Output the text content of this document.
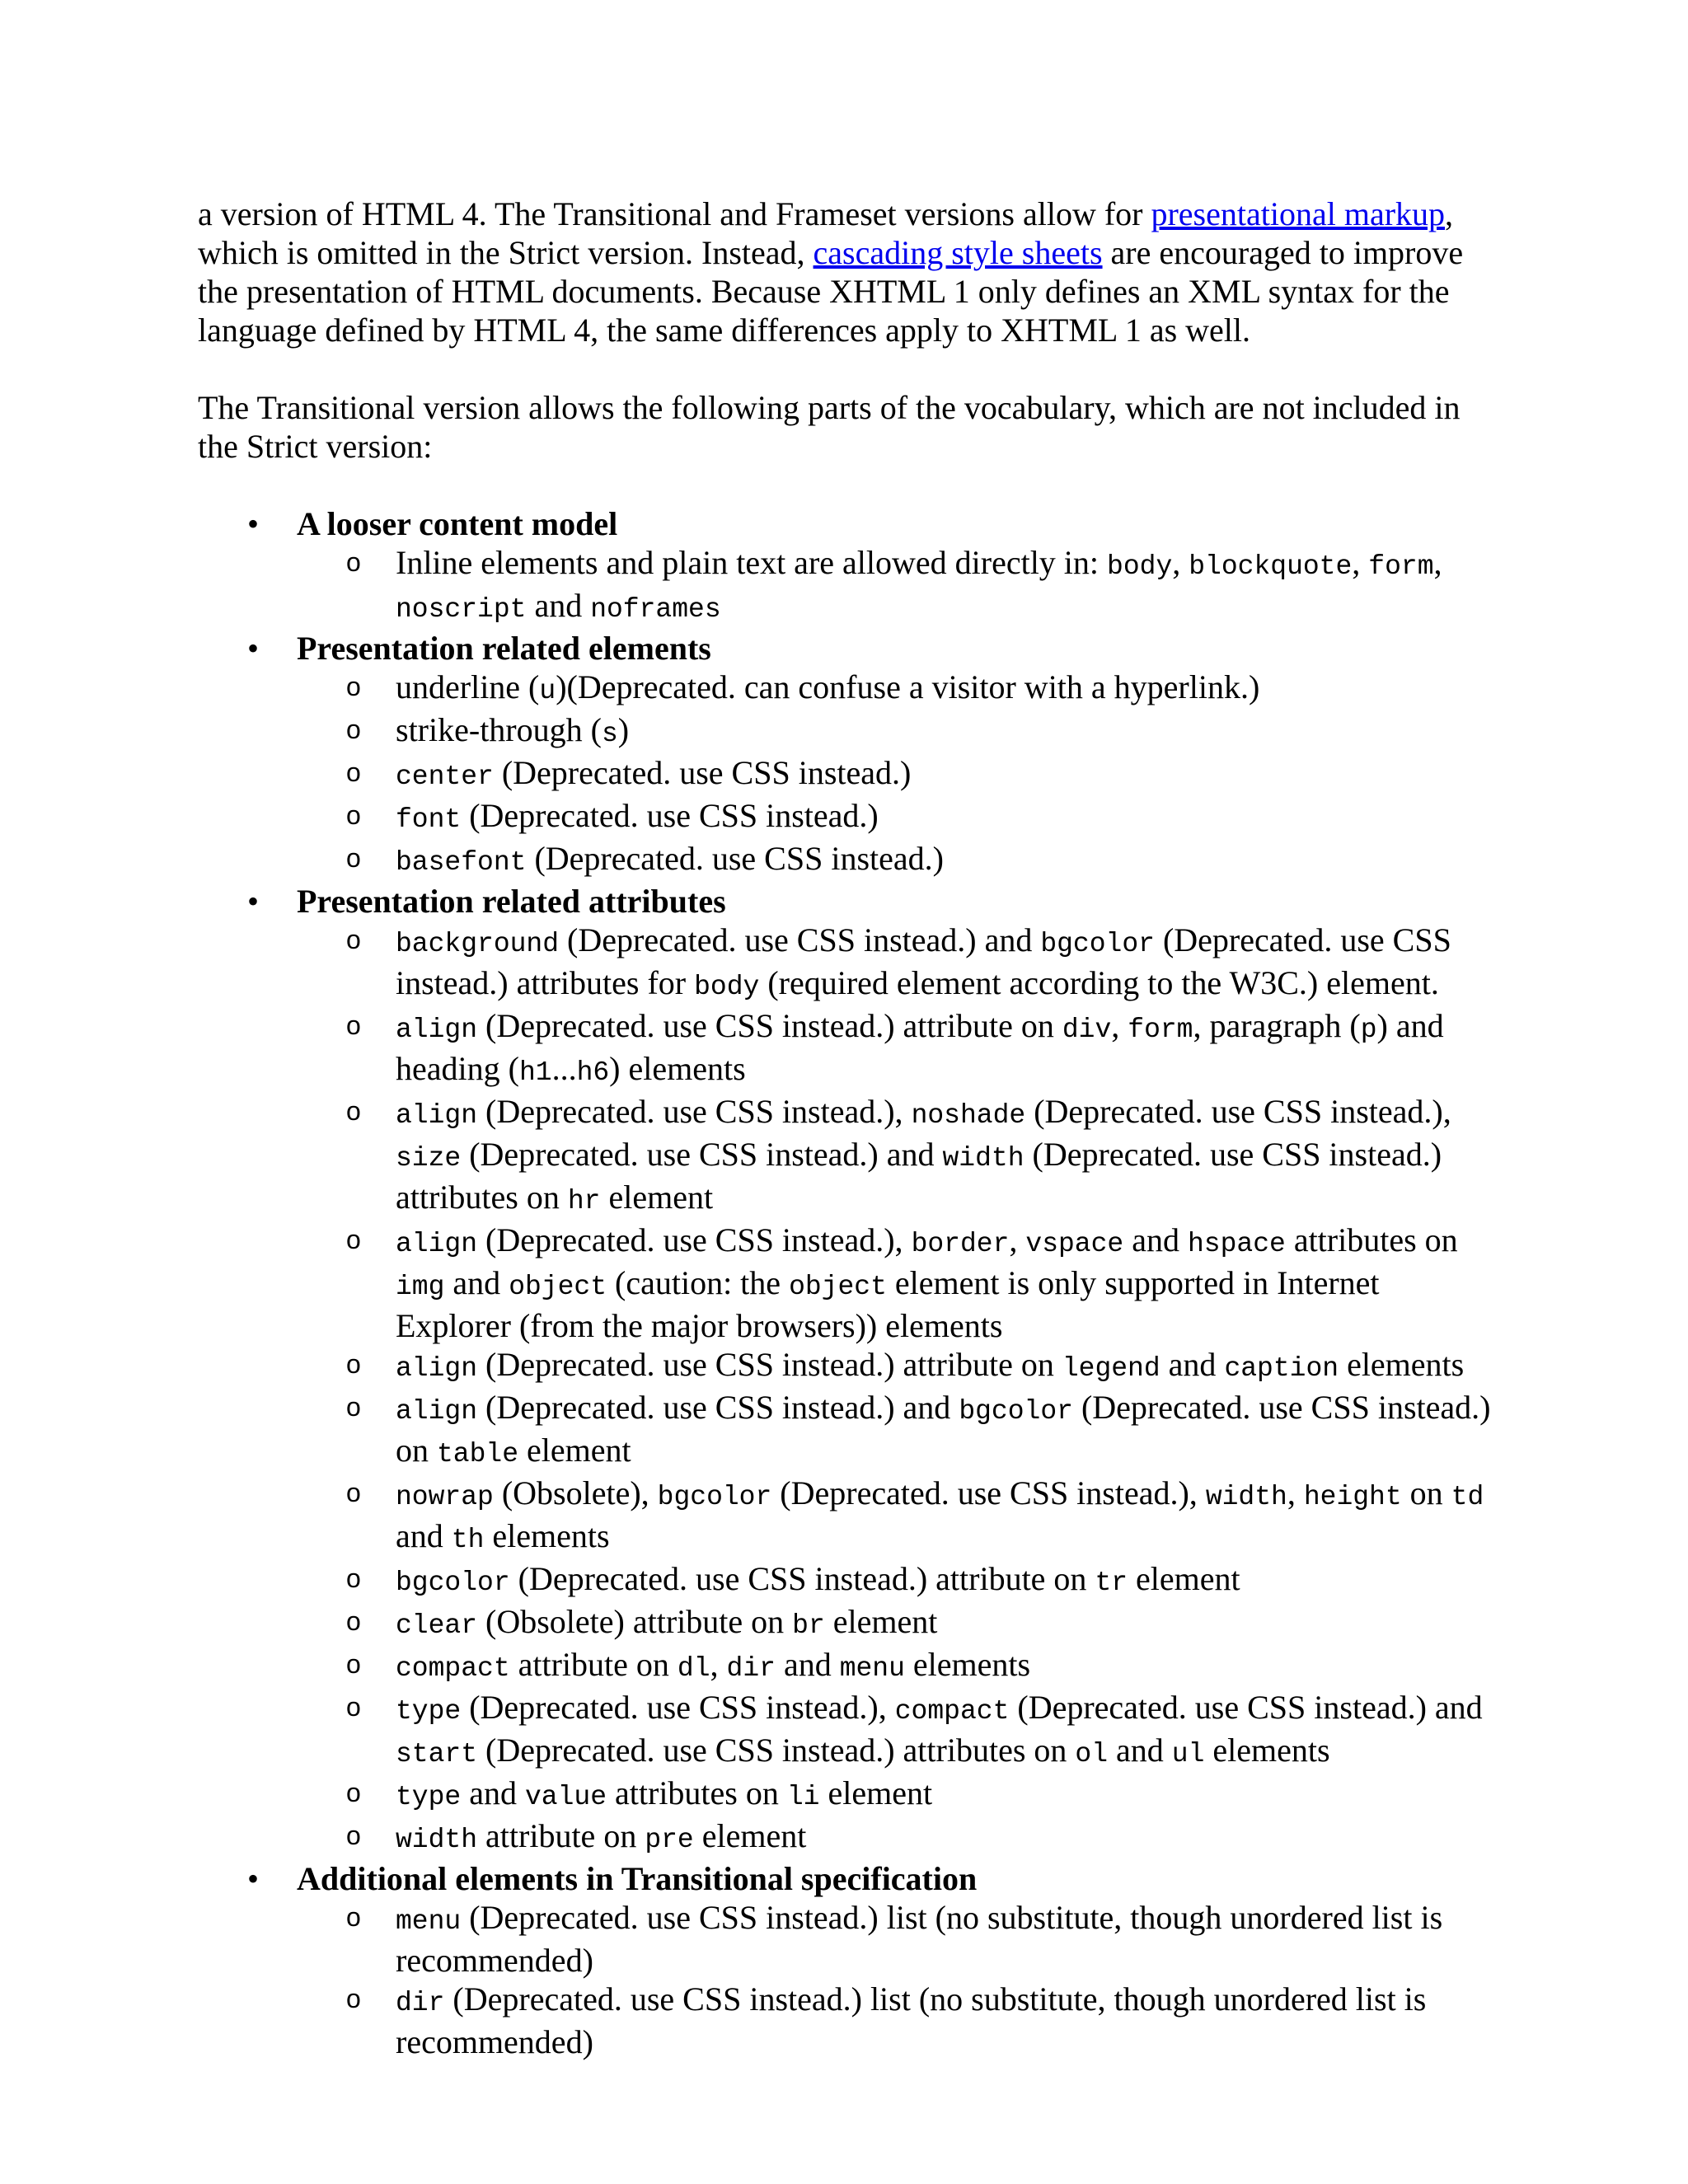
a version of HTML 4. The Transitional and Frameset versions allow for presentational markup, which is omitted in the Strict version. Instead, cascading style sheets are encouraged to improve the presentation of HTML documents. Because XHTML 1 only defines an XML syntax for the language defined by HTML 4, the same differences apply to XHTML 1 as well.

The Transitional version allows the following parts of the vocabulary, which are not included in the Strict version:

• A looser content model
o Inline elements and plain text are allowed directly in: body, blockquote, form, noscript and noframes
• Presentation related elements
o underline (u)(Deprecated. can confuse a visitor with a hyperlink.)
o strike-through (s)
o center (Deprecated. use CSS instead.)
o font (Deprecated. use CSS instead.)
o basefont (Deprecated. use CSS instead.)
• Presentation related attributes
o background (Deprecated. use CSS instead.) and bgcolor (Deprecated. use CSS instead.) attributes for body (required element according to the W3C.) element.
o align (Deprecated. use CSS instead.) attribute on div, form, paragraph (p) and heading (h1...h6) elements
o align (Deprecated. use CSS instead.), noshade (Deprecated. use CSS instead.), size (Deprecated. use CSS instead.) and width (Deprecated. use CSS instead.) attributes on hr element
o align (Deprecated. use CSS instead.), border, vspace and hspace attributes on img and object (caution: the object element is only supported in Internet Explorer (from the major browsers)) elements
o align (Deprecated. use CSS instead.) attribute on legend and caption elements
o align (Deprecated. use CSS instead.) and bgcolor (Deprecated. use CSS instead.) on table element
o nowrap (Obsolete), bgcolor (Deprecated. use CSS instead.), width, height on td and th elements
o bgcolor (Deprecated. use CSS instead.) attribute on tr element
o clear (Obsolete) attribute on br element
o compact attribute on dl, dir and menu elements
o type (Deprecated. use CSS instead.), compact (Deprecated. use CSS instead.) and start (Deprecated. use CSS instead.) attributes on ol and ul elements
o type and value attributes on li element
o width attribute on pre element
• Additional elements in Transitional specification
o menu (Deprecated. use CSS instead.) list (no substitute, though unordered list is recommended)
o dir (Deprecated. use CSS instead.) list (no substitute, though unordered list is recommended)
